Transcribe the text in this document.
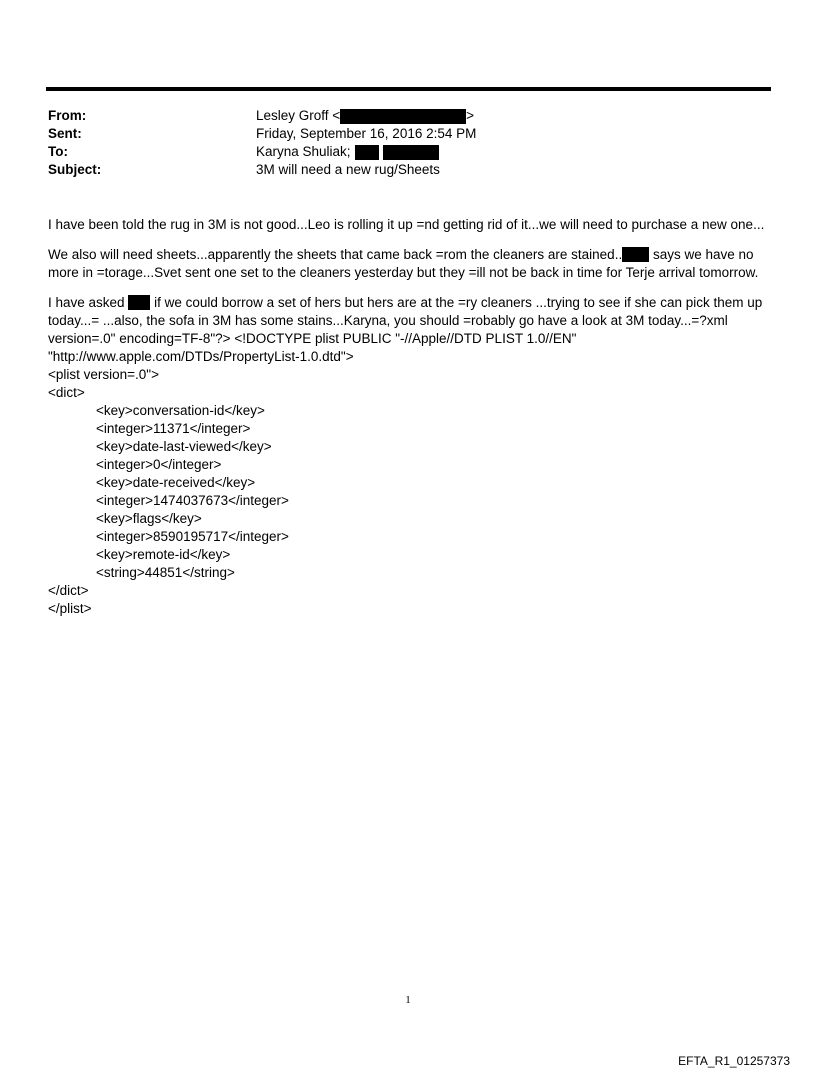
From:	Lesley Groff <	>
Sent:	Friday, September 16, 2016 2:54 PM
To:	Karyna Shuliak;
Subject:	3M will need a new rug/Sheets
I have been told the rug in 3M is not good...Leo is rolling it up =nd getting rid of it...we will need to purchase a new one...
We also will need sheets...apparently the sheets that came back =rom the cleaners are stained.. says we have no
more in =torage...Svet sent one set to the cleaners yesterday but they =ill not be back in time for Terje arrival tomorrow.
I have asked  if we could borrow a set of hers but hers are at the =ry cleaners ...trying to see if she can pick them up
today...= ...also, the sofa in 3M has some stains...Karyna, you should =robably go have a look at 3M today...=?xml
version=.0" encoding=TF-8"?> <!DOCTYPE plist PUBLIC "-//Apple//DTD PLIST 1.0//EN"
"http://www.apple.com/DTDs/PropertyList-1.0.dtd">
<plist version=.0">
<dict>
<key>conversation-id</key>
<integer>11371</integer>
<key>date-last-viewed</key>
<integer>0</integer>
<key>date-received</key>
<integer>1474037673</integer>
<key>flags</key>
<integer>8590195717</integer>
<key>remote-id</key>
<string>44851</string>
</dict>
</plist>
1
EFTA_R1_01257373
